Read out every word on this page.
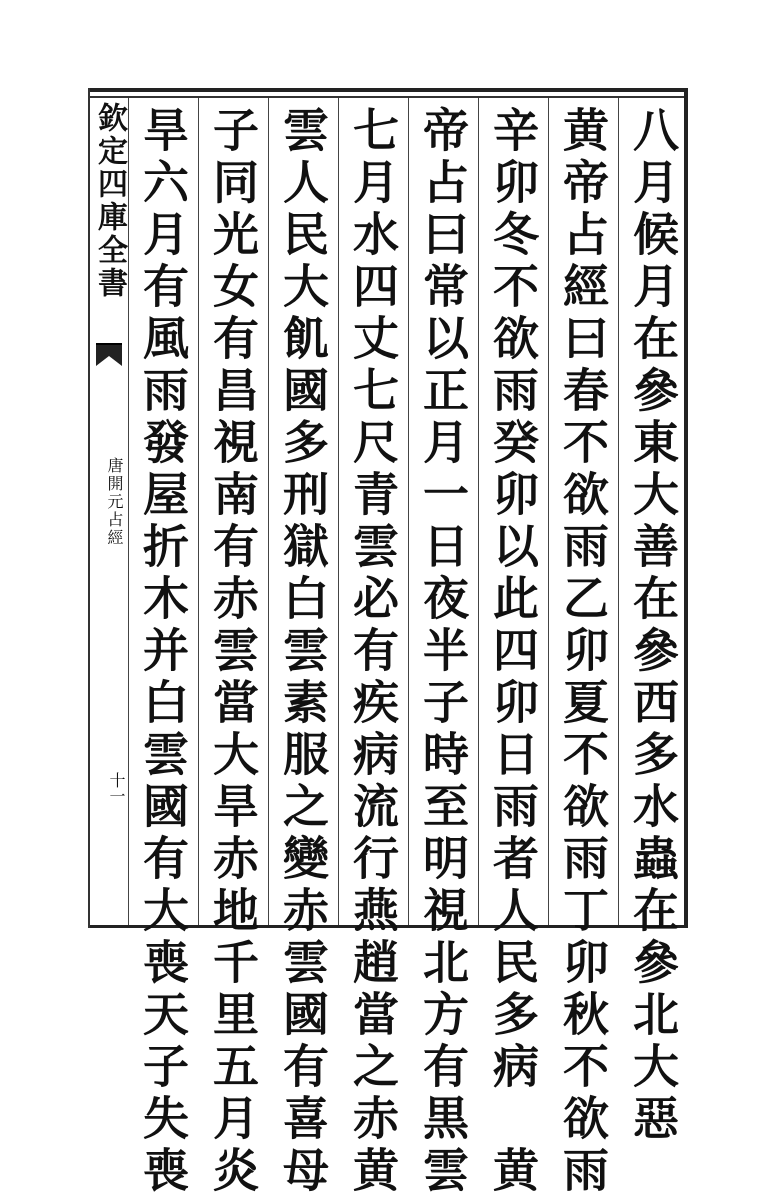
欽定四庫全書
唐開元占經
十一	八月候月在參東大善在參西多水蟲在參北大惡
黄帝占經曰春不欲雨乙卯夏不欲雨丁卯秋不欲雨
辛卯冬不欲雨癸卯以此四卯日雨者人民多病　黄
帝占曰常以正月一日夜半子時至明視北方有黒雲
七月水四丈七尺青雲必有疾病流行燕趙當之赤黄
雲人民大飢國多刑獄白雲素服之變赤雲國有喜母
子同光女有昌視南有赤雲當大旱赤地千里五月炎
旱六月有風雨發屋折木并白雲國有大喪天子失喪
